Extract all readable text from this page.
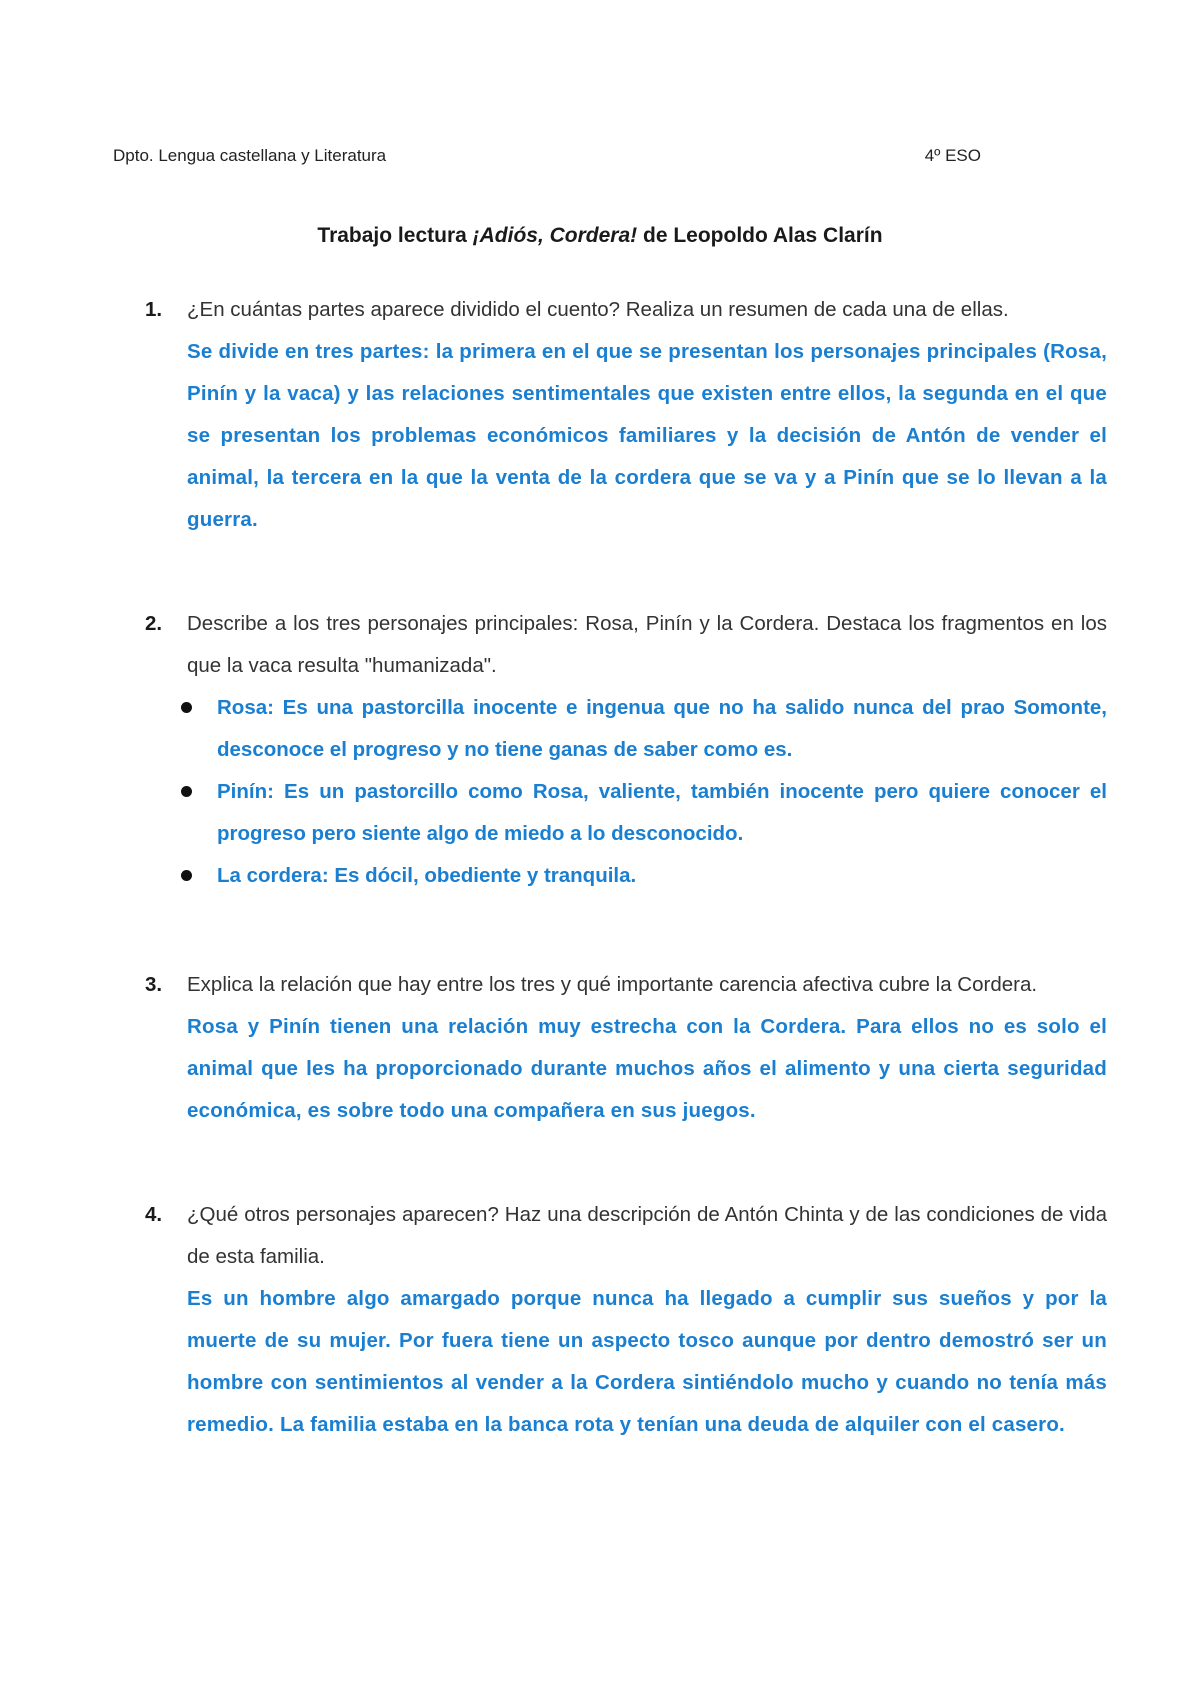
Dpto. Lengua castellana y Literatura	4º ESO
Trabajo lectura ¡Adiós, Cordera! de Leopoldo Alas Clarín
1. ¿En cuántas partes aparece dividido el cuento? Realiza un resumen de cada una de ellas.

Se divide en tres partes: la primera en el que se presentan los personajes principales (Rosa, Pinín y la vaca) y las relaciones sentimentales que existen entre ellos, la segunda en el que se presentan los problemas económicos familiares y la decisión de Antón de vender el animal, la tercera en la que la venta de la cordera que se va y a Pinín que se lo llevan a la guerra.

2. Describe a los tres personajes principales: Rosa, Pinín y la Cordera. Destaca los fragmentos en los que la vaca resulta "humanizada".

Rosa: Es una pastorcilla inocente e ingenua que no ha salido nunca del prao Somonte, desconoce el progreso y no tiene ganas de saber como es.
Pinín: Es un pastorcillo como Rosa, valiente, también inocente pero quiere conocer el progreso pero siente algo de miedo a lo desconocido.
La cordera: Es dócil, obediente y tranquila.
3. Explica la relación que hay entre los tres y qué importante carencia afectiva cubre la Cordera.

Rosa y Pinín tienen una relación muy estrecha con la Cordera. Para ellos no es solo el animal que les ha proporcionado durante muchos años el alimento y una cierta seguridad económica, es sobre todo una compañera en sus juegos.

4. ¿Qué otros personajes aparecen? Haz una descripción de Antón Chinta y de las condiciones de vida de esta familia.

Es un hombre algo amargado porque nunca ha llegado a cumplir sus sueños y por la muerte de su mujer. Por fuera tiene un aspecto tosco aunque por dentro demostró ser un hombre con sentimientos al vender a la Cordera sintiéndolo mucho y cuando no tenía más remedio. La familia estaba en la banca rota y tenían una deuda de alquiler con el casero.
